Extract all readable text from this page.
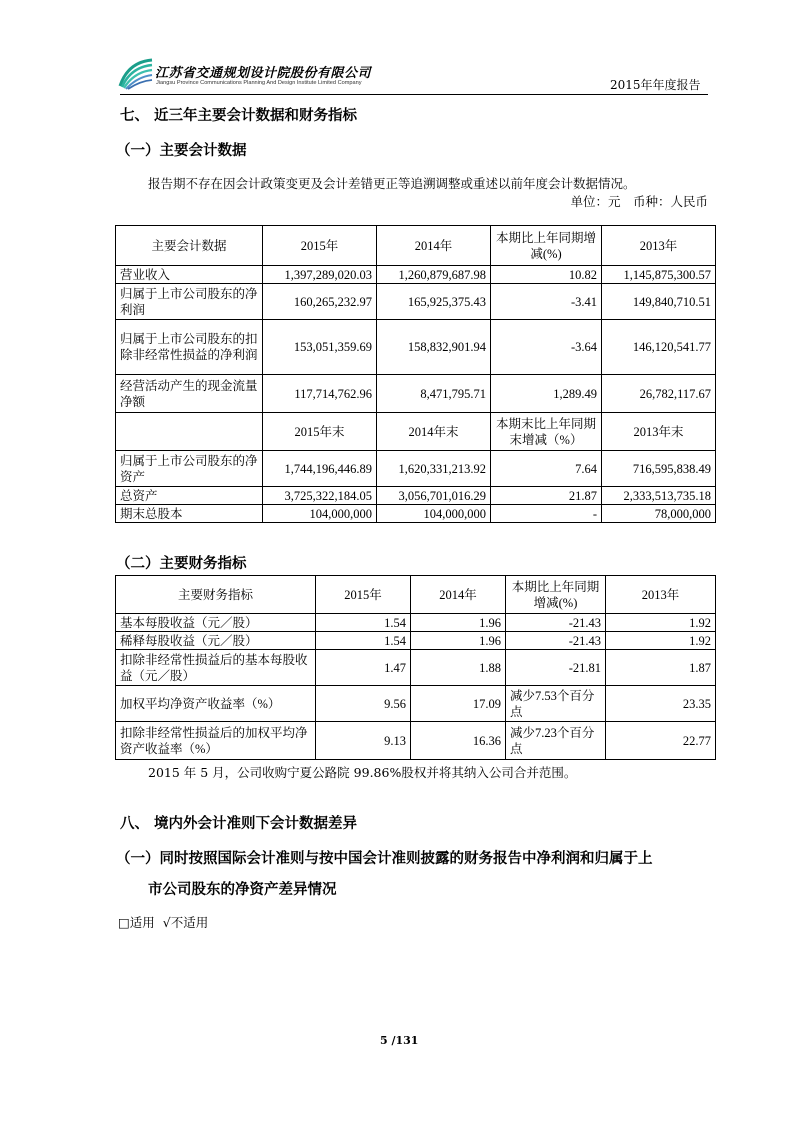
江苏省交通规划设计院股份有限公司
Jiangsu Province Communications Planning And Design Institute Limited Company	2015年年度报告
七、 近三年主要会计数据和财务指标
（一）主要会计数据
报告期不存在因会计政策变更及会计差错更正等追溯调整或重述以前年度会计数据情况。
单位：元　币种：人民币
主要会计数据	2015年	2014年	本期比上年同期增减(%)	2013年
营业收入	1,397,289,020.03	1,260,879,687.98	10.82	1,145,875,300.57
归属于上市公司股东的净利润	160,265,232.97	165,925,375.43	-3.41	149,840,710.51
归属于上市公司股东的扣除非经常性损益的净利润	153,051,359.69	158,832,901.94	-3.64	146,120,541.77
经营活动产生的现金流量净额	117,714,762.96	8,471,795.71	1,289.49	26,782,117.67
	2015年末	2014年末	本期末比上年同期末增减（%）	2013年末
归属于上市公司股东的净资产	1,744,196,446.89	1,620,331,213.92	7.64	716,595,838.49
总资产	3,725,322,184.05	3,056,701,016.29	21.87	2,333,513,735.18
期末总股本	104,000,000	104,000,000	-	78,000,000
（二）主要财务指标
主要财务指标	2015年	2014年	本期比上年同期增减(%)	2013年
基本每股收益（元／股）	1.54	1.96	-21.43	1.92
稀释每股收益（元／股）	1.54	1.96	-21.43	1.92
扣除非经常性损益后的基本每股收益（元／股）	1.47	1.88	-21.81	1.87
加权平均净资产收益率（%）	9.56	17.09	减少7.53个百分点	23.35
扣除非经常性损益后的加权平均净资产收益率（%）	9.13	16.36	减少7.23个百分点	22.77
2015 年 5 月，公司收购宁夏公路院 99.86%股权并将其纳入公司合并范围。
八、 境内外会计准则下会计数据差异
（一）同时按照国际会计准则与按中国会计准则披露的财务报告中净利润和归属于上
市公司股东的净资产差异情况
□适用 √不适用
5 /131
